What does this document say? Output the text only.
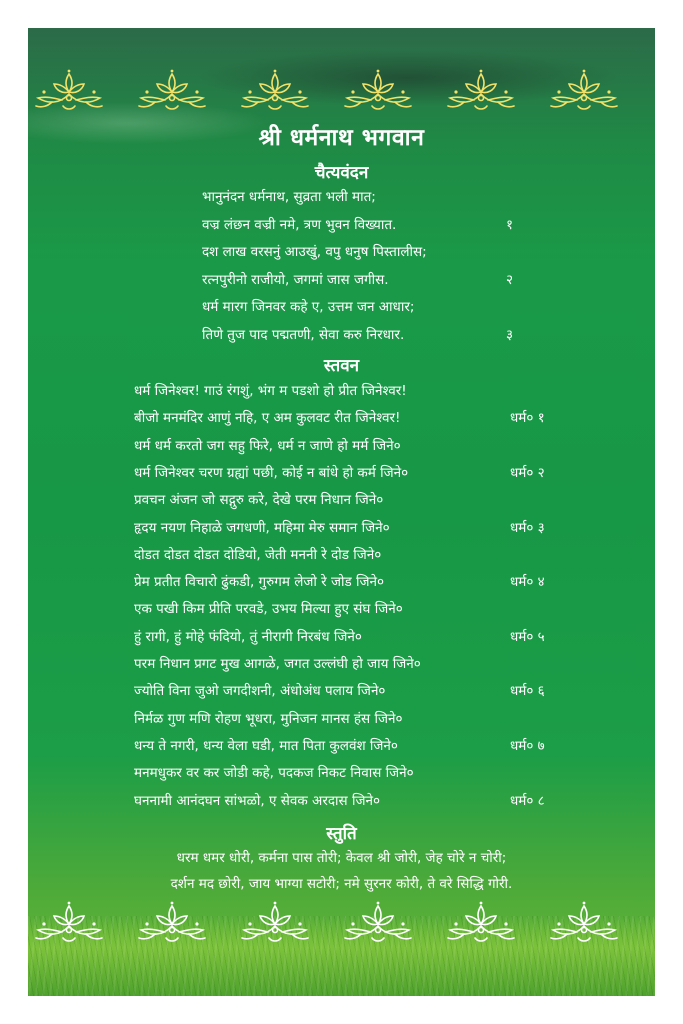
श्री धर्मनाथ भगवान
चैत्यवंदन
भानुनंदन धर्मनाथ, सुव्रता भली मात;
वज्र लंछन वज्री नमे, त्रण भुवन विख्यात.	१
दश लाख वरसनुं आउखुं, वपु धनुष पिस्तालीस;
रत्नपुरीनो राजीयो, जगमां जास जगीस.	२
धर्म मारग जिनवर कहे ए, उत्तम जन आधार;
तिणे तुज पाद पद्मतणी, सेवा करु निरधार.	३
स्तवन
धर्म जिनेश्वर! गाउं रंगशुं, भंग म पडशो हो प्रीत जिनेश्वर!
बीजो मनमंदिर आणुं नहि, ए अम कुलवट रीत जिनेश्वर!	धर्म० १
धर्म धर्म करतो जग सहु फिरे, धर्म न जाणे हो मर्म जिने०
धर्म जिनेश्वर चरण ग्रह्यां पछी, कोई न बांधे हो कर्म जिने०	धर्म० २
प्रवचन अंजन जो सद्गुरु करे, देखे परम निधान जिने०
हृदय नयण निहाळे जगधणी, महिमा मेरु समान जिने०	धर्म० ३
दोडत दोडत दोडत दोडियो, जेती मननी रे दोड जिने०
प्रेम प्रतीत विचारो ढुंकडी, गुरुगम लेजो रे जोड जिने०	धर्म० ४
एक पखी किम प्रीति परवडे, उभय मिल्या हुए संघ जिने०
हुं रागी, हुं मोहे फंदियो, तुं नीरागी निरबंध जिने०	धर्म० ५
परम निधान प्रगट मुख आगळे, जगत उल्लंघी हो जाय जिने०
ज्योति विना जुओ जगदीशनी, अंधोअंध पलाय जिने०	धर्म० ६
निर्मळ गुण मणि रोहण भूधरा, मुनिजन मानस हंस जिने०
धन्य ते नगरी, धन्य वेला घडी, मात पिता कुलवंश जिने०	धर्म० ७
मनमधुकर वर कर जोडी कहे, पदकज निकट निवास जिने०
घननामी आनंदघन सांभळो, ए सेवक अरदास जिने०	धर्म० ८
स्तुति
धरम धमर धोरी, कर्मना पास तोरी; केवल श्री जोरी, जेह चोरे न चोरी;
दर्शन मद छोरी, जाय भाग्या सटोरी; नमे सुरनर कोरी, ते वरे सिद्धि गोरी.
